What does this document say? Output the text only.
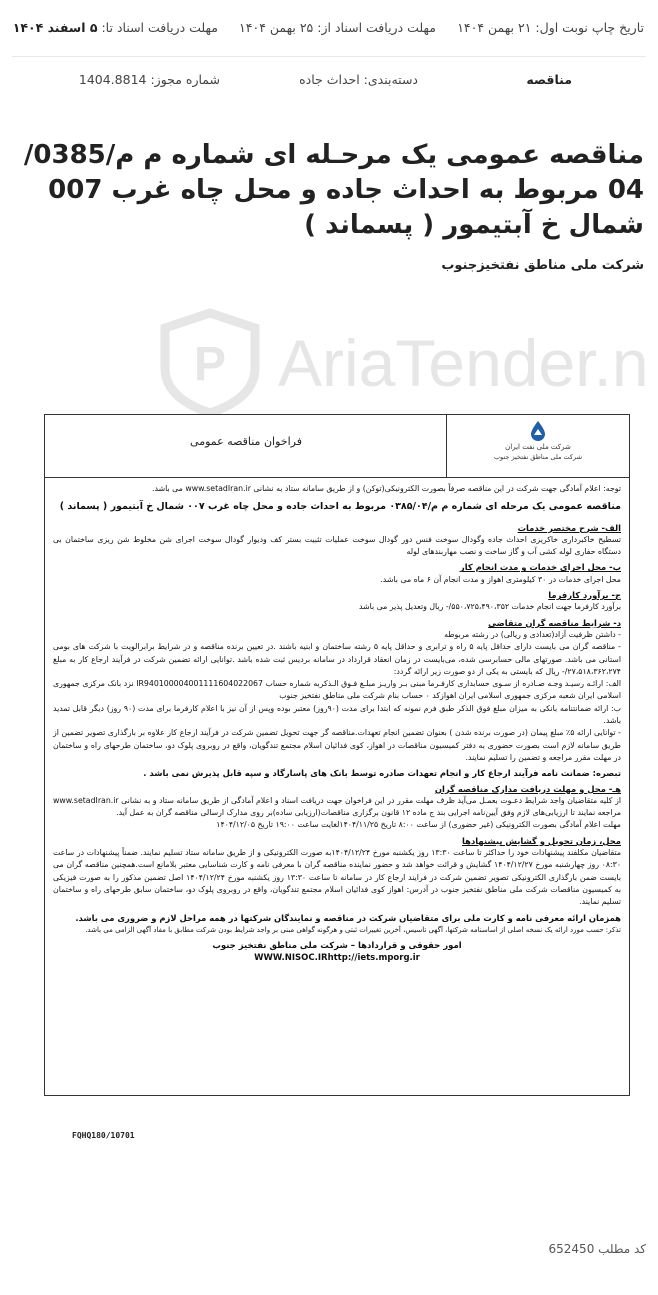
تاریخ چاپ نوبت اول: ۲۱ بهمن ۱۴۰۴
مهلت دریافت اسناد از: ۲۵ بهمن ۱۴۰۴
مهلت دریافت اسناد تا: ۵ اسفند ۱۴۰۴
مناقصه
دسته‌بندی: احداث جاده
شماره مجوز: 1404.8814
مناقصه عمومی یک مرحـله ای شماره م م/0385/ 04 مربوط به احداث جاده و محل چاه غرب 007 شمال خ آبتیمور ( پسماند )
شرکت ملی مناطق نفتخیزجنوب
P AriaTender.n
شرکت ملی نفت ایران
شرکت ملی مناطق نفتخیز جنوب
فراخوان مناقصه عمومی

توجه: اعلام آمادگی جهت شرکت در این مناقصه صرفاً بصورت الکترونیکی(توکن) و از طریق سامانه ستاد به نشانی www.setadIran.ir می باشد.

مناقصه عمومی یک مرحله ای شماره م م/۰۳۸۵/۰۴ مربوط به احداث جاده و محل چاه غرب ۰۰۷ شمال خ آبتیمور ( پسماند )

الف- شرح مختصر خدمات

تسطیح خاکبرداری خاکریزی احداث جاده وگودال سوخت فنس دور گودال سوخت عملیات تثبیت بستر کف ودیوار گودال سوخت اجرای شن مخلوط شن ریزی ساختمان بی دستگاه حفاری لوله کشی آب و گاز ساخت و نصب مهاربندهای لوله

ب- محل اجرای خدمات و مدت انجام کار

محل اجرای خدمات در ۳۰ کیلومتری اهواز و مدت انجام آن ۶ ماه می باشد.

ج- برآورد کارفرما

برآورد کارفرما جهت انجام خدمات ۵۵۰،۷۲۵،۴۹۰،۳۵۲/- ریال وتعدیل پذیر می باشد

د- شرایط مناقصه گران متقاضی

- داشتن ظرفیت آزاد(تعدادی و ریالی) در رشته مربوطه

- مناقصه گران می بایست دارای حداقل پایه ۵ راه و ترابری و حداقل پایه ۵ رشته ساختمان و ابنیه باشند .در تعیین برنده مناقصه و در شرایط برابرالویت با شرکت های بومی استانی می باشد. صورتهای مالی حسابرسی شده، می‌بایست در زمان انعقاد قرارداد در سامانه بردیس ثبت شده باشد .توانایی ارائه تضمین شرکت در فرآیند ارجاع کار به مبلغ ۲۷،۵۱۸،۳۶۲،۲۷۴/- ریال که بایستی به یکی از دو صورت زیر ارائه گردد:

الف: ارائـه رسیـد وجـه صـادره از سـوی حسابداری کارفـرما مبنی بـر واریـز مبلـغ فـوق الـذکربه شماره حساب IR940100004001111604022067 نزد بانک مرکزی جمهوری اسلامی ایران شعبه مرکزی جمهوری اسلامی ایران اهوازکد ۰ حساب بنام شرکت ملی مناطق نفتخیز جنوب

ب: ارائه ضمانتنامه بانکی به میزان مبلغ فوق الذکر طبق فرم نمونه که ابتدا برای مدت (۹۰روز) معتبر بوده وپس از آن نیز با اعلام کارفرما برای مدت (۹۰ روز) دیگر قابل تمدید باشد.

- توانایی ارائه ۵٪ مبلغ پیمان (در صورت برنده شدن ) بعنوان تضمین انجام تعهدات.مناقصه گر جهت تحویل تضمین شرکت در فرآیند ارجاع کار علاوه بر بارگذاری تصویر تضمین از طریق سامانه لازم است بصورت حضوری به دفتر کمیسیون مناقصات در اهواز، کوی فدائیان اسلام مجتمع تندگویان، واقع در روبروی پلوک دو، ساختمان طرحهای راه و ساختمان در مهلت مقرر مراجعه و تضمین را تسلیم نمایند.

تبصره: ضمانت نامه فرآیند ارجاع کار و انجام تعهدات صادره توسط بانک های پاسارگاد و سپه قابل پذیرش نمی باشد .

هـ- محل و مهلت دریافت مدارک مناقصه گران

از کلیه متقاضیان واجد شرایط دعـوت بعمـل می‌آید ظرف مهلت مقرر در این فراخوان جهت دریافت اسناد و اعلام آمادگی از طریق سامانه ستاد و به نشانی www.setadIran.ir مراجعه نمایند تا ارزیابی‌های لازم وفق آیین‌نامه اجرایی بند ج ماده ۱۲ قانون برگزاری مناقصات(ارزیابی ساده)بر روی مدارک ارسالی مناقصه گران به عمل آید.

مهلت اعلام آمادگی بصورت الکترونیکی (غیر حضوری) از ساعت ۸:۰۰ تاریخ ۱۴۰۴/۱۱/۲۵لغایت ساعت ۱۹:۰۰ تاریخ ۱۴۰۴/۱۲/۰۵

محل، زمان تحویل و گشایش پیشنهادها

متقاضیان مکلفند پیشنهادات خود را حداکثر تا ساعت ۱۳:۳۰ روز یکشنبه مورخ ۱۴۰۴/۱۲/۲۴به صورت الکترونیکی و از طریق سامانه ستاد تسلیم نمایند. ضمناً پیشنهادات در ساعت ۰۸:۳۰ روز چهارشنبه مورخ ۱۴۰۴/۱۲/۲۷ گشایش و قرائت خواهد شد و حضور نماینده مناقصه گران با معرفی نامه و کارت شناسایی معتبر بلامانع است.همچنین مناقصه گران می بایست ضمن بارگذاری الکترونیکی تصویر تضمین شرکت در فرایند ارجاع کار در سامانه تا ساعت ۱۳:۳۰ روز یکشنبه مورخ ۱۴۰۴/۱۲/۲۴ اصل تضمین مذکور را به صورت فیزیکی به کمیسیون مناقصات شرکت ملی مناطق نفتخیز جنوب در آدرس: اهواز کوی فدائیان اسلام مجتمع تندگویان، واقع در روبروی پلوک دو، ساختمان سابق طرحهای راه و ساختمان تسلیم نمایند.

همزمان ارائه معرفی نامه و کارت ملی برای متقاضیان شرکت در مناقصه و نمایندگان شرکتها در همه مراحل لازم و ضروری می باشد.

تذکر: حسب مورد ارائه یک نسخه اصلی از اساسنامه شرکتها، آگهی تاسیس، آخرین تغییرات ثبتی و هرگونه گواهی مبنی بر واجد شرایط بودن شرکت مطابق با مفاد آگهی الزامی می باشد.

امور حقوقی و قراردادها – شرکت ملی مناطق نفتخیز جنوب

WWW.NISOC.IRhttp://iets.mporg.ir

FQHQ180/10701
کد مطلب 652450
